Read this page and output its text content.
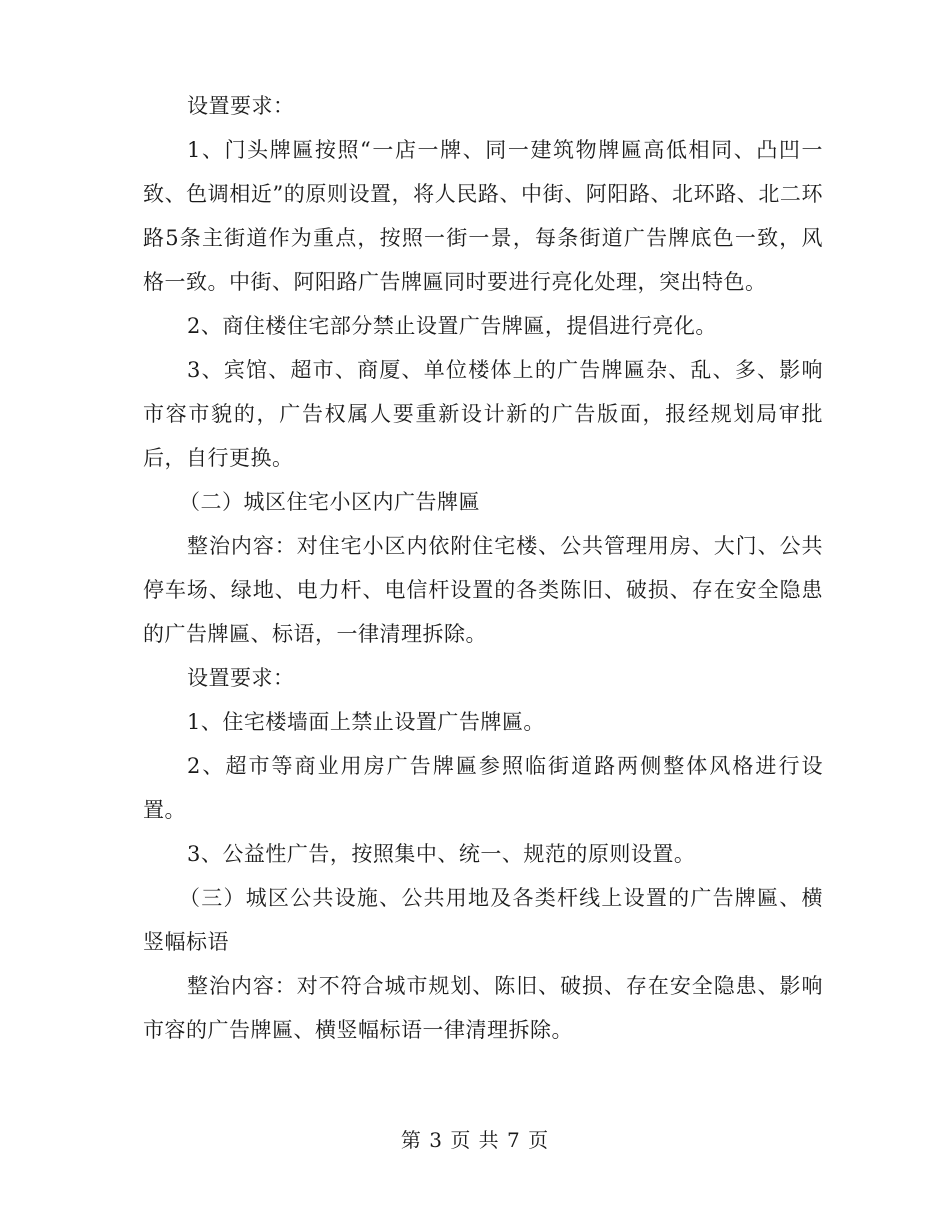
设置要求：

1、门头牌匾按照“一店一牌、同一建筑物牌匾高低相同、凸凹一致、色调相近”的原则设置，将人民路、中街、阿阳路、北环路、北二环路5条主街道作为重点，按照一街一景，每条街道广告牌底色一致，风格一致。中街、阿阳路广告牌匾同时要进行亮化处理，突出特色。

2、商住楼住宅部分禁止设置广告牌匾，提倡进行亮化。

3、宾馆、超市、商厦、单位楼体上的广告牌匾杂、乱、多、影响市容市貌的，广告权属人要重新设计新的广告版面，报经规划局审批后，自行更换。

（二）城区住宅小区内广告牌匾

整治内容：对住宅小区内依附住宅楼、公共管理用房、大门、公共停车场、绿地、电力杆、电信杆设置的各类陈旧、破损、存在安全隐患的广告牌匾、标语，一律清理拆除。

设置要求：

1、住宅楼墙面上禁止设置广告牌匾。

2、超市等商业用房广告牌匾参照临街道路两侧整体风格进行设置。

3、公益性广告，按照集中、统一、规范的原则设置。

（三）城区公共设施、公共用地及各类杆线上设置的广告牌匾、横竖幅标语

整治内容：对不符合城市规划、陈旧、破损、存在安全隐患、影响市容的广告牌匾、横竖幅标语一律清理拆除。

第 3 页 共 7 页
